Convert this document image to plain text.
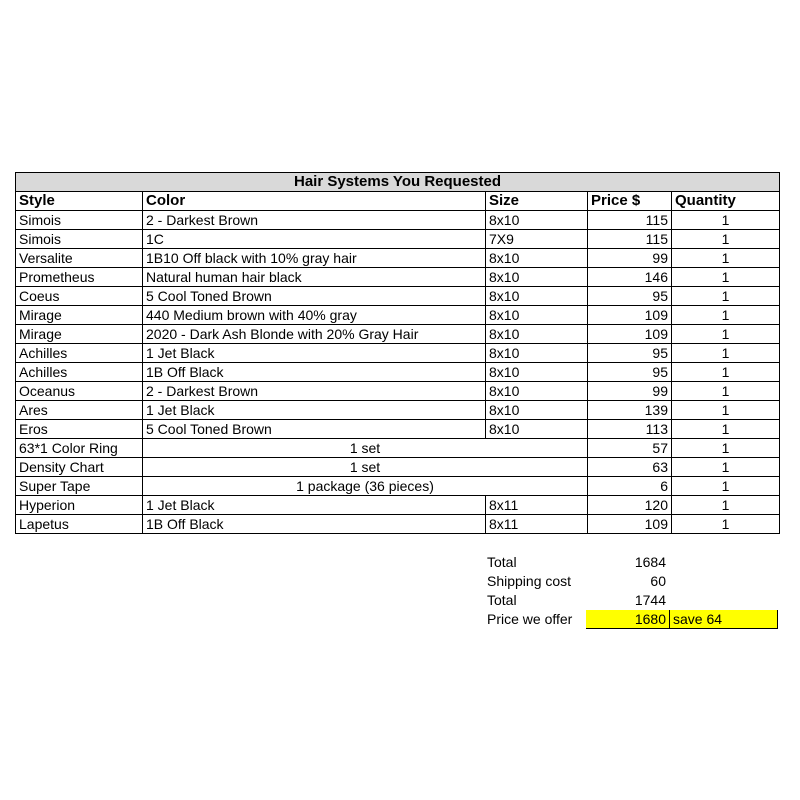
Hair Systems You Requested				
Style	Color	Size	Price $	Quantity
Simois	2 - Darkest Brown	8x10	115	1
Simois	1C	7X9	115	1
Versalite	1B10 Off black with 10% gray hair	8x10	99	1
Prometheus	Natural human hair black	8x10	146	1
Coeus	5 Cool Toned Brown	8x10	95	1
Mirage	440 Medium brown with 40% gray	8x10	109	1
Mirage	2020 - Dark Ash Blonde with 20% Gray Hair	8x10	109	1
Achilles	1 Jet Black	8x10	95	1
Achilles	1B Off Black	8x10	95	1
Oceanus	2 - Darkest Brown	8x10	99	1
Ares	1 Jet Black	8x10	139	1
Eros	5 Cool Toned Brown	8x10	113	1
63*1 Color Ring	1 set		57	1
Density Chart	1 set		63	1
Super Tape	1 package (36 pieces)		6	1
Hyperion	1 Jet Black	8x11	120	1
Lapetus	1B Off Black	8x11	109	1
Total	1684	
Shipping cost	60	
Total	1744	
Price we offer	1680	save 64
